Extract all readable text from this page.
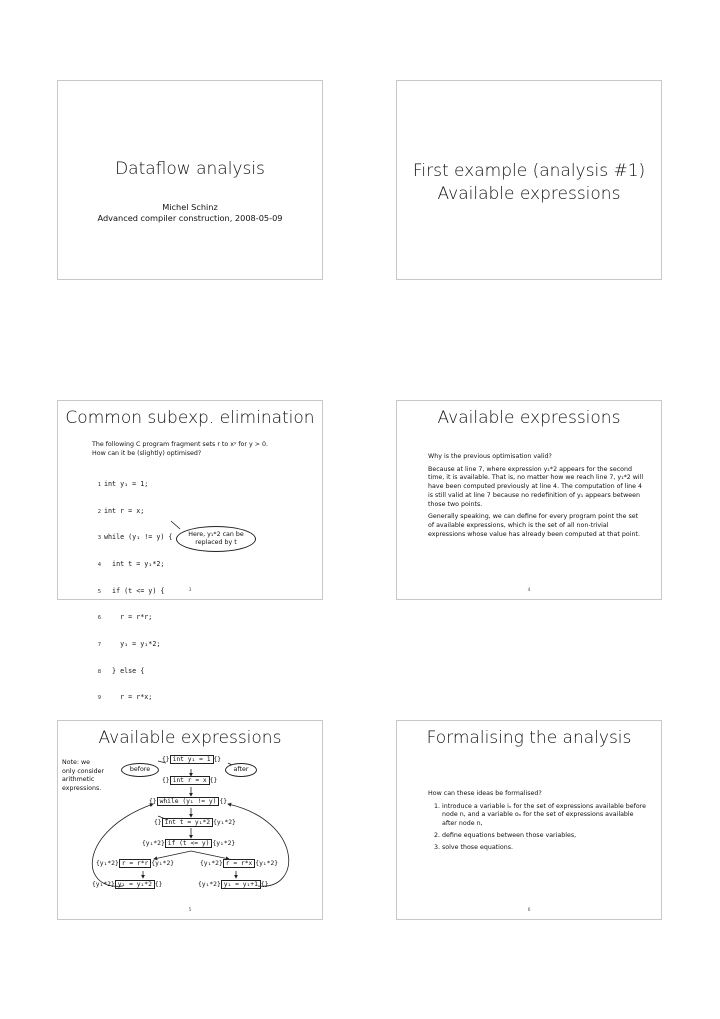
Dataflow analysis
Michel Schinz
Advanced compiler construction, 2008-05-09
First example (analysis #1)
Available expressions
Common subexp. elimination
The following C program fragment sets r to xʸ for y > 0.
How can it be (slightly) optimised?

1 int y₁ = 1;

2 int r = x;

3 while (y₁ != y) {

4  int t = y₁*2;

5  if (t <= y) {

6    r = r*r;

7    y₁ = y₁*2;

8  } else {

9    r = r*x;

Here, y₁*2 can be
replaced by t
3
Available expressions

Why is the previous optimisation valid?

Because at line 7, where expression y₁*2 appears for the second time, it is available. That is, no matter how we reach line 7, y₁*2 will have been computed previously at line 4. The computation of line 4 is still valid at line 7 because no redefinition of y₁ appears between those two points.

Generally speaking, we can define for every program point the set of available expressions, which is the set of all non-trivial expressions whose value has already been computed at that point.

4
Available expressions
Note: we
only consider
arithmetic
expressions.
before	after
{} int y₁ = 1 {}
{} int r = x {}
{} while (y₁ != y) {}
{} int t = y₁*2 {y₁*2}
{y₁*2} if (t <= y) {y₁*2}
{y₁*2} r = r*r {y₁*2}	{y₁*2} r = r*x {y₁*2}
{y₁*2} y₁ = y₁*2 {}	{y₁*2} y₁ = y₁+1 {}
5
Formalising the analysis

How can these ideas be formalised?

1. introduce a variable iₙ for the set of expressions available before node n, and a variable oₙ for the set of expressions available after node n,
2. define equations between those variables,
3. solve those equations.
6
